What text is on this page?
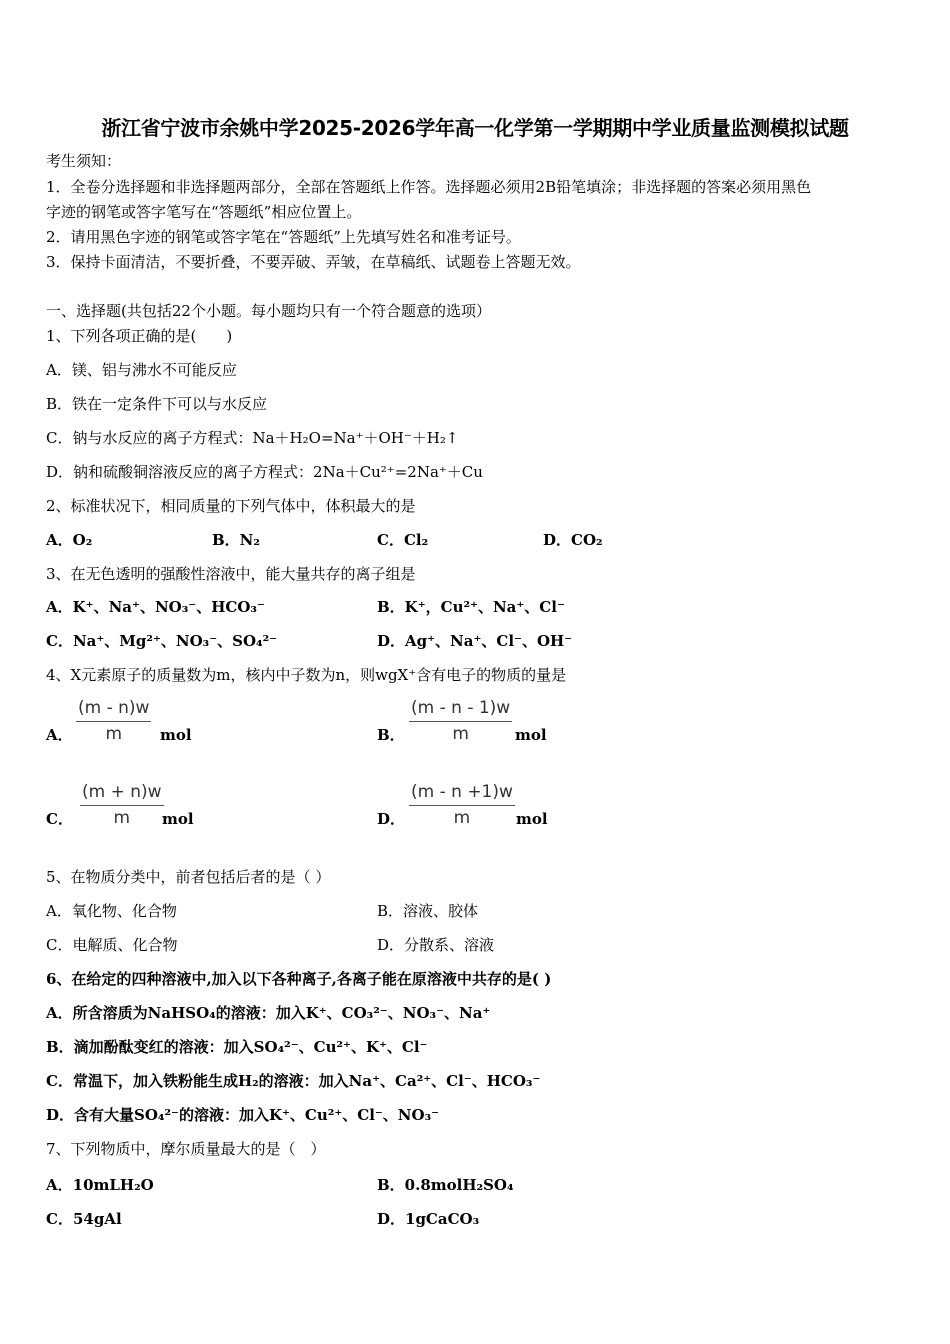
浙江省宁波市余姚中学2025-2026学年高一化学第一学期期中学业质量监测模拟试题
考生须知：
1．全卷分选择题和非选择题两部分，全部在答题纸上作答。选择题必须用2B铅笔填涂；非选择题的答案必须用黑色
字迹的钢笔或答字笔写在“答题纸”相应位置上。
2．请用黑色字迹的钢笔或答字笔在“答题纸”上先填写姓名和准考证号。
3．保持卡面清洁，不要折叠，不要弄破、弄皱，在草稿纸、试题卷上答题无效。
一、选择题(共包括22个小题。每小题均只有一个符合题意的选项）
1、下列各项正确的是(　　)
A．镁、铝与沸水不可能反应
B．铁在一定条件下可以与水反应
C．钠与水反应的离子方程式：Na＋H₂O=Na⁺＋OH⁻＋H₂↑
D．钠和硫酸铜溶液反应的离子方程式：2Na＋Cu²⁺=2Na⁺＋Cu
2、标准状况下，相同质量的下列气体中，体积最大的是
A．O₂	B．N₂	C．Cl₂	D．CO₂
3、在无色透明的强酸性溶液中，能大量共存的离子组是
A．K⁺、Na⁺、NO₃⁻、HCO₃⁻	B．K⁺，Cu²⁺、Na⁺、Cl⁻
C．Na⁺、Mg²⁺、NO₃⁻、SO₄²⁻	D．Ag⁺、Na⁺、Cl⁻、OH⁻
4、X元素原子的质量数为m，核内中子数为n，则wgX⁺含有电子的物质的量是
A． $\frac{(m - n)w}{m}$ mol	B． $\frac{(m - n - 1)w}{m}$ mol
C． $\frac{(m + n)w}{m}$
mol	D． $\frac{(m - n +1)w}{m}$ mol
5、在物质分类中，前者包括后者的是（ ）
A．氧化物、化合物	B．溶液、胶体
C．电解质、化合物	D．分散系、溶液
6、在给定的四种溶液中,加入以下各种离子,各离子能在原溶液中共存的是( )
A．所含溶质为NaHSO₄的溶液：加入K⁺、CO₃²⁻、NO₃⁻、Na⁺
B．滴加酚酞变红的溶液：加入SO₄²⁻、Cu²⁺、K⁺、Cl⁻
C．常温下，加入铁粉能生成H₂的溶液：加入Na⁺、Ca²⁺、Cl⁻、HCO₃⁻
D．含有大量SO₄²⁻的溶液：加入K⁺、Cu²⁺、Cl⁻、NO₃⁻
7、下列物质中，摩尔质量最大的是（　）
A．10mLH₂O	B．0.8molH₂SO₄
C．54gAl	D．1gCaCO₃
